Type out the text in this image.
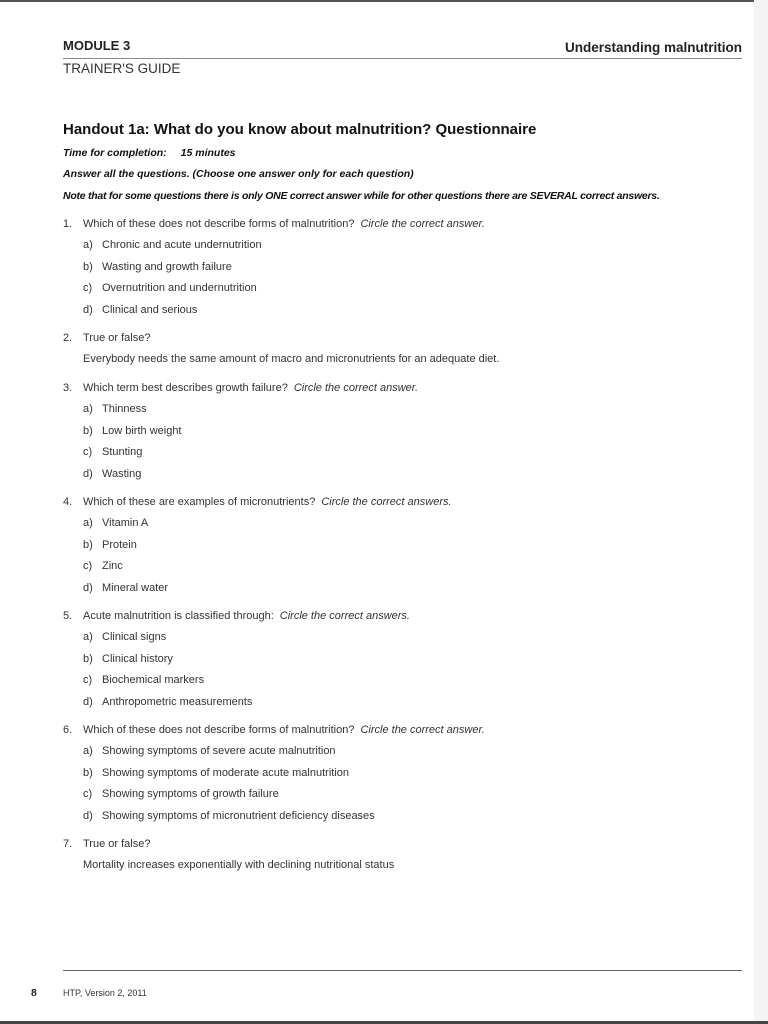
MODULE 3
TRAINER'S GUIDE
Understanding malnutrition
Handout 1a: What do you know about malnutrition? Questionnaire
Time for completion: 15 minutes
Answer all the questions. (Choose one answer only for each question)
Note that for some questions there is only ONE correct answer while for other questions there are SEVERAL correct answers.
1. Which of these does not describe forms of malnutrition? Circle the correct answer.
a) Chronic and acute undernutrition
b) Wasting and growth failure
c) Overnutrition and undernutrition
d) Clinical and serious
2. True or false?
Everybody needs the same amount of macro and micronutrients for an adequate diet.
3. Which term best describes growth failure? Circle the correct answer.
a) Thinness
b) Low birth weight
c) Stunting
d) Wasting
4. Which of these are examples of micronutrients? Circle the correct answers.
a) Vitamin A
b) Protein
c) Zinc
d) Mineral water
5. Acute malnutrition is classified through: Circle the correct answers.
a) Clinical signs
b) Clinical history
c) Biochemical markers
d) Anthropometric measurements
6. Which of these does not describe forms of malnutrition? Circle the correct answer.
a) Showing symptoms of severe acute malnutrition
b) Showing symptoms of moderate acute malnutrition
c) Showing symptoms of growth failure
d) Showing symptoms of micronutrient deficiency diseases
7. True or false?
Mortality increases exponentially with declining nutritional status
8	HTP, Version 2, 2011
